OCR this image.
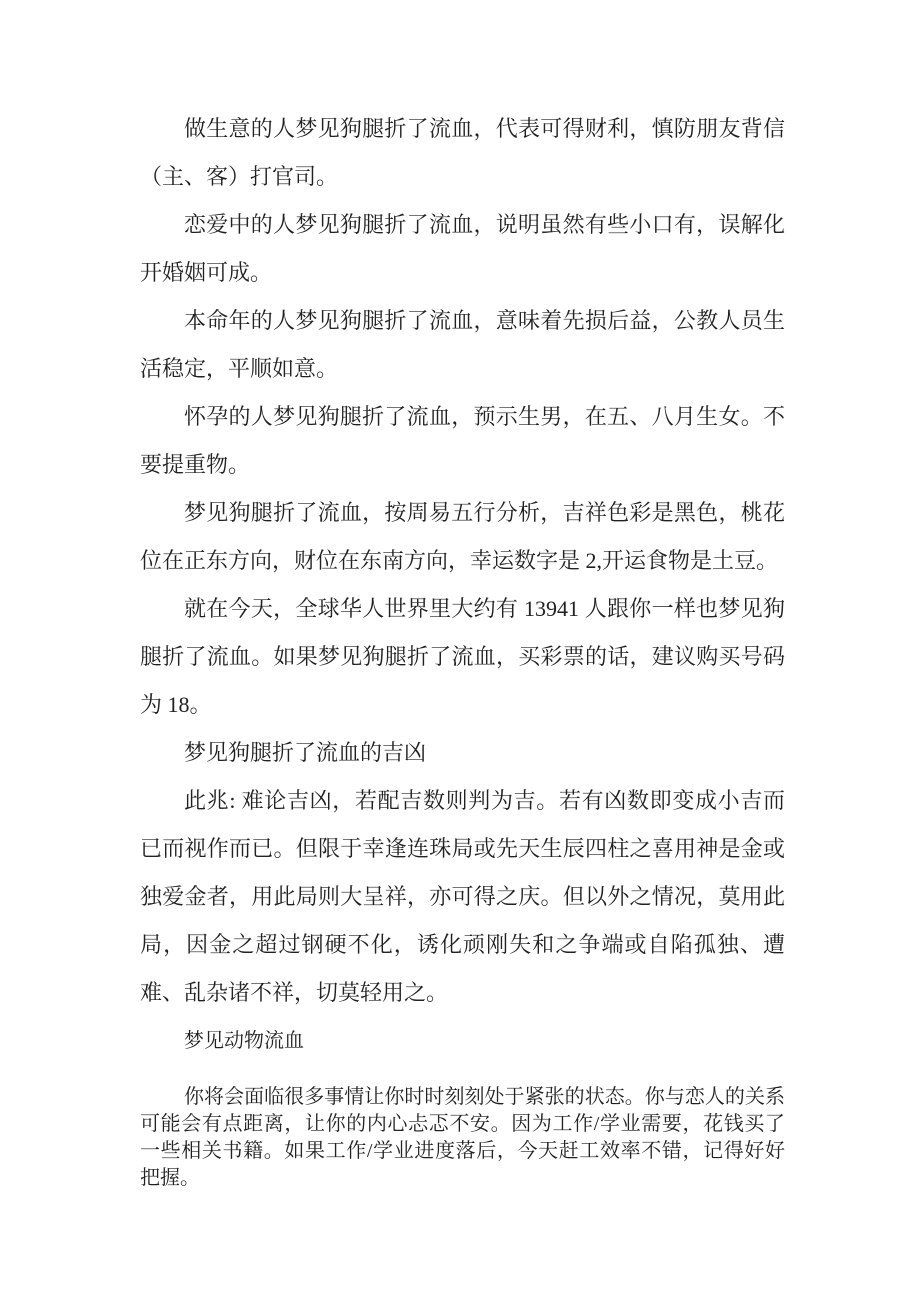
做生意的人梦见狗腿折了流血，代表可得财利，慎防朋友背信（主、客）打官司。

恋爱中的人梦见狗腿折了流血，说明虽然有些小口有，误解化开婚姻可成。

本命年的人梦见狗腿折了流血，意味着先损后益，公教人员生活稳定，平顺如意。

怀孕的人梦见狗腿折了流血，预示生男，在五、八月生女。不要提重物。

梦见狗腿折了流血，按周易五行分析，吉祥色彩是黑色，桃花位在正东方向，财位在东南方向，幸运数字是 2,开运食物是土豆。

就在今天，全球华人世界里大约有 13941 人跟你一样也梦见狗腿折了流血。如果梦见狗腿折了流血，买彩票的话，建议购买号码为 18。

梦见狗腿折了流血的吉凶

此兆: 难论吉凶，若配吉数则判为吉。若有凶数即变成小吉而已而视作而已。但限于幸逢连珠局或先天生辰四柱之喜用神是金或独爱金者，用此局则大呈祥，亦可得之庆。但以外之情况，莫用此局，因金之超过钢硬不化，诱化顽刚失和之争端或自陷孤独、遭难、乱杂诸不祥，切莫轻用之。

梦见动物流血

你将会面临很多事情让你时时刻刻处于紧张的状态。你与恋人的关系可能会有点距离，让你的内心忐忑不安。因为工作/学业需要，花钱买了一些相关书籍。如果工作/学业进度落后，今天赶工效率不错，记得好好把握。
